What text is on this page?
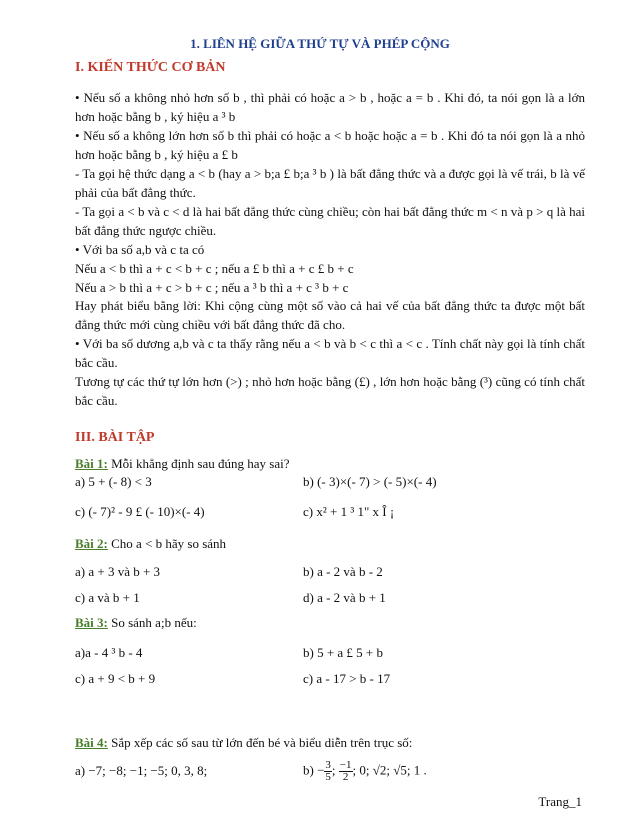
1. LIÊN HỆ GIỮA THỨ TỰ VÀ PHÉP CỘNG
I. KIẾN THỨC CƠ BẢN
• Nếu số a không nhỏ hơn số b , thì phải có hoặc a > b , hoặc a = b . Khi đó, ta nói gọn là a lớn hơn hoặc bằng b , ký hiệu a ³ b
• Nếu số a không lớn hơn số b thì phải có hoặc a < b hoặc hoặc a = b . Khi đó ta nói gọn là a nhỏ hơn hoặc bằng b , ký hiệu a £ b
- Ta gọi hệ thức dạng a < b (hay a > b;a £ b;a ³ b ) là bất đẳng thức và a được gọi là vế trái, b là vế phải của bất đẳng thức.
- Ta gọi a < b và c < d là hai bất đẳng thức cùng chiều; còn hai bất đẳng thức m < n và p > q là hai bất đẳng thức ngược chiều.
• Với ba số a,b và c ta có
Nếu a < b thì a + c < b + c ; nếu a £ b thì a + c £ b + c
Nếu a > b thì a + c > b + c ; nếu a ³ b thì a + c ³ b + c
Hay phát biểu bằng lời: Khi cộng cùng một số vào cả hai vế của bất đẳng thức ta được một bất đẳng thức mới cùng chiều với bất đẳng thức đã cho.
• Với ba số dương a,b và c ta thấy rằng nếu a < b và b < c thì a < c . Tính chất này gọi là tính chất bắc cầu.
Tương tự các thứ tự lớn hơn (>) ; nhỏ hơn hoặc bằng (£) , lớn hơn hoặc bằng (³) cũng có tính chất bắc cầu.
III. BÀI TẬP
Bài 1: Mỗi khẳng định sau đúng hay sai?
a) 5 + (- 8) < 3	b) (- 3)×(- 7) > (- 5)×(- 4)
c) (- 7)² - 9 £ (- 10)×(- 4)	c) x² + 1 ³ 1" x Î ¡
Bài 2: Cho a < b hãy so sánh
a) a + 3 và b + 3	b) a - 2 và b - 2
c) a và b + 1	d) a - 2 và b + 1
Bài 3: So sánh a;b nếu:
a)a - 4 ³ b - 4	b) 5 + a £ 5 + b
c) a + 9 < b + 9	c) a - 17 > b - 17
Bài 4: Sắp xếp các số sau từ lớn đến bé và biểu diễn trên trục số:
a) −7; −8; −1; −5; 0, 3, 8;	$b) - \frac{3}{5}$ ; $\frac{-1}{2}$ ; 0; √2; √5; 1 .
Trang_1
